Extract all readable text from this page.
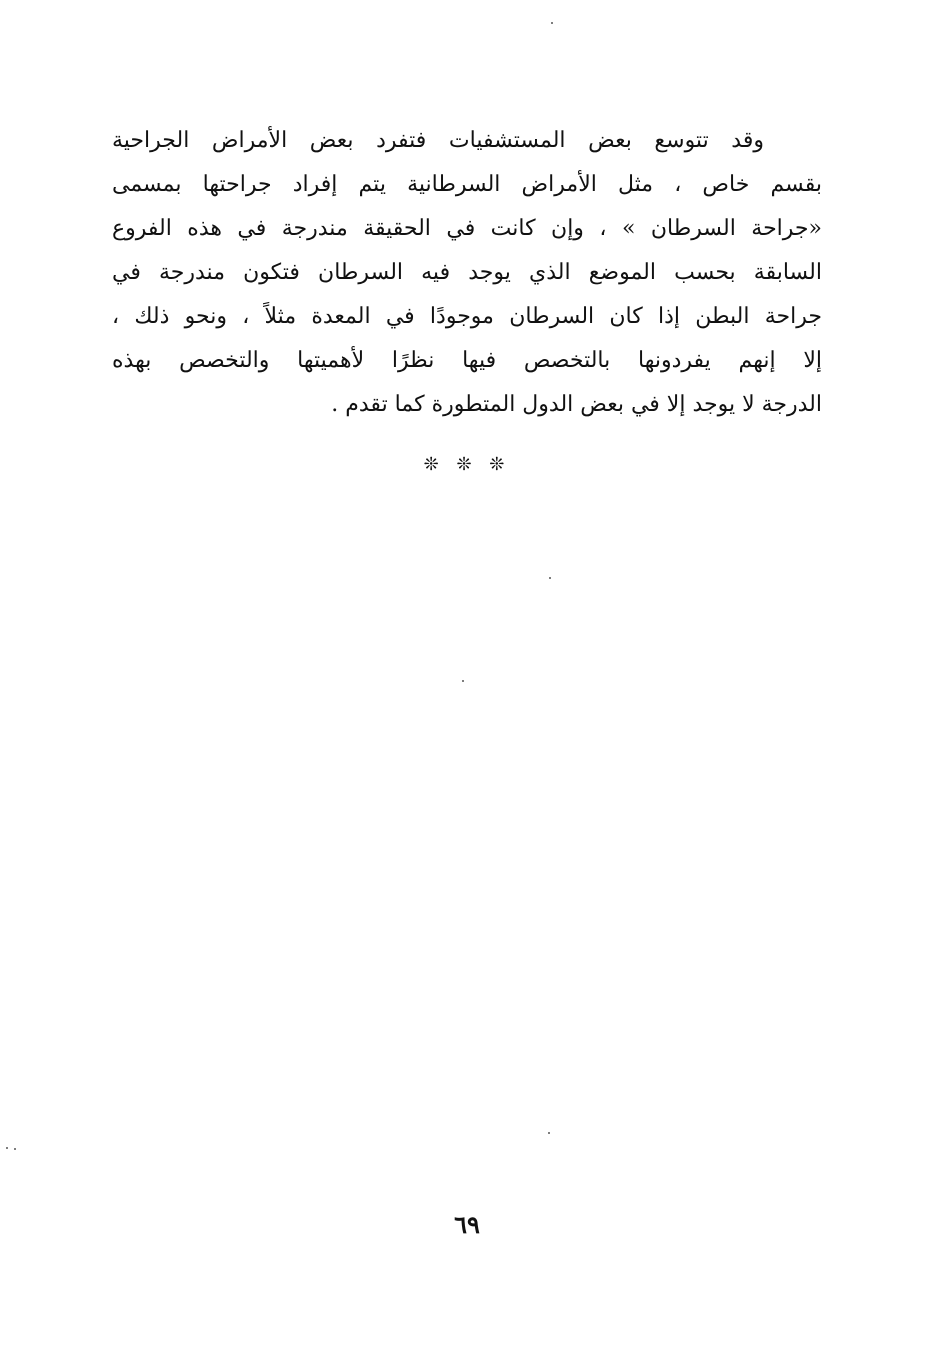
وقد تتوسع بعض المستشفيات فتفرد بعض الأمراض الجراحية
بقسم خاص ، مثل الأمراض السرطانية يتم إفراد جراحتها بمسمى
«جراحة السرطان » ، وإن كانت في الحقيقة مندرجة في هذه الفروع
السابقة بحسب الموضع الذي يوجد فيه السرطان فتكون مندرجة في
جراحة البطن إذا كان السرطان موجودًا في المعدة مثلاً ، ونحو ذلك ،
إلا إنهم يفردونها بالتخصص فيها نظرًا لأهميتها والتخصص بهذه
الدرجة لا يوجد إلا في بعض الدول المتطورة كما تقدم .
❊ ❊ ❊
٦٩
